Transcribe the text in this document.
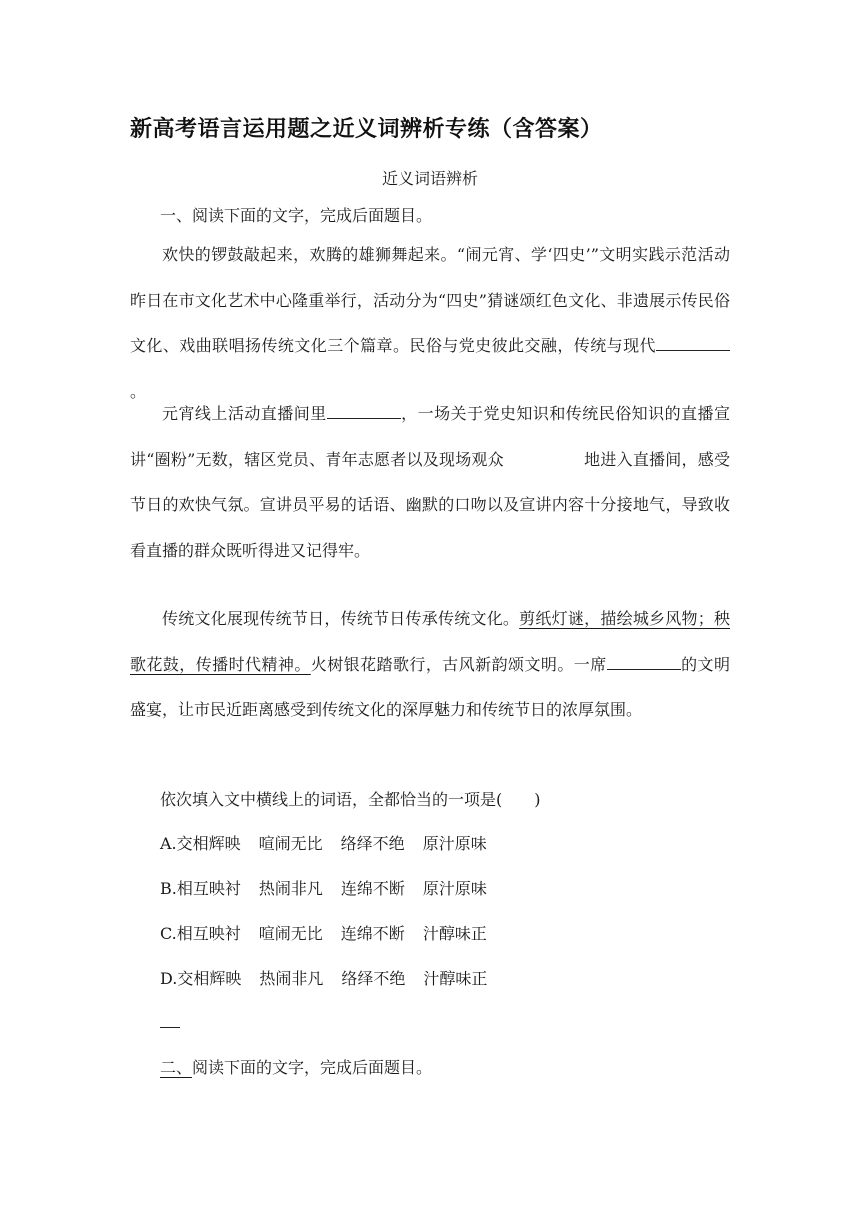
新高考语言运用题之近义词辨析专练（含答案）
近义词语辨析
一、阅读下面的文字，完成后面题目。

欢快的锣鼓敲起来，欢腾的雄狮舞起来。“闹元宵、学‘四史’”文明实践示范活动昨日在市文化艺术中心隆重举行，活动分为“四史”猜谜颂红色文化、非遗展示传民俗文化、戏曲联唱扬传统文化三个篇章。民俗与党史彼此交融，传统与现代。

元宵线上活动直播间里	，一场关于党史知识和传统民俗知识的直播宣讲“圈粉”无数，辖区党员、青年志愿者以及现场观众	地进入直播间，感受节日的欢快气氛。宣讲员平易的话语、幽默的口吻以及宣讲内容十分接地气，导致收看直播的群众既听得进又记得牢。

传统文化展现传统节日，传统节日传承传统文化。剪纸灯谜，描绘城乡风物；秧歌花鼓，传播时代精神。火树银花踏歌行，古风新韵颂文明。一席	的文明盛宴，让市民近距离感受到传统文化的深厚魅力和传统节日的浓厚氛围。

依次填入文中横线上的词语，全都恰当的一项是(　　)
A.交相辉映 喧闹无比 络绎不绝 原汁原味
B.相互映衬 热闹非凡 连绵不断 原汁原味
C.相互映衬 喧闹无比 连绵不断 汁醇味正
D.交相辉映 热闹非凡 络绎不绝 汁醇味正
二、阅读下面的文字，完成后面题目。
